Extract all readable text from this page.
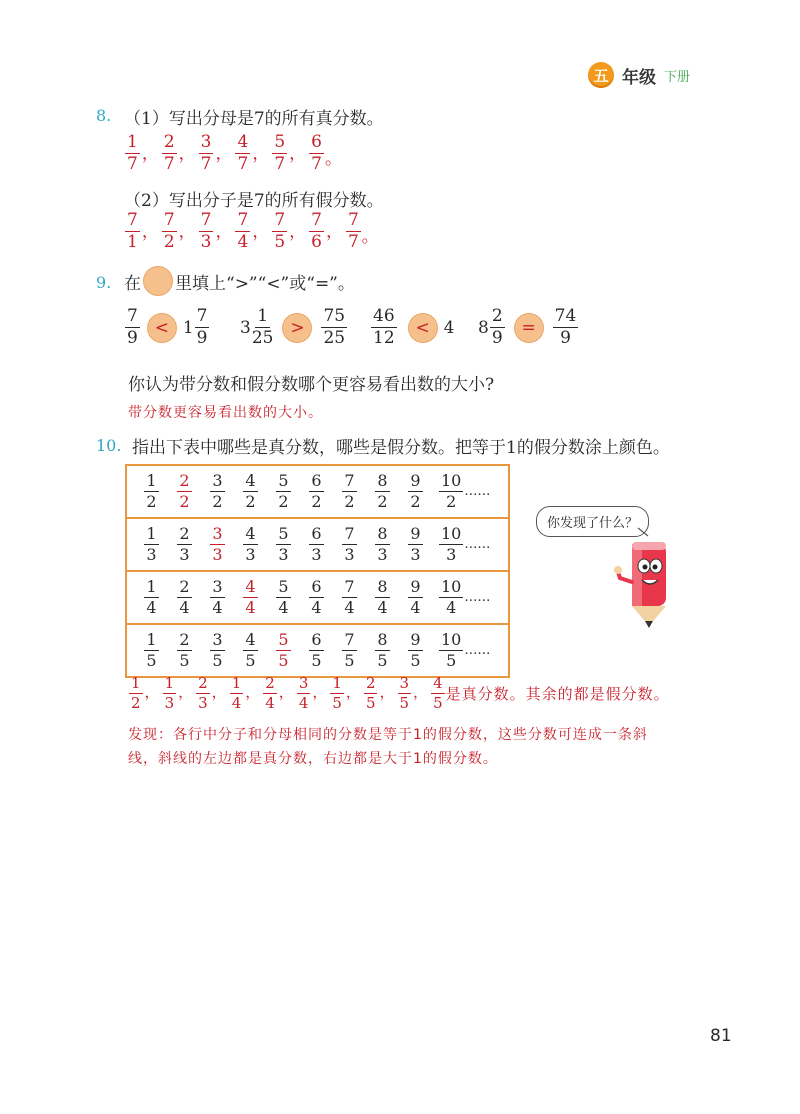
五 年级 下册
8. （1）写出分母是7的所有真分数。
$\frac{1}{7}$ ， $\frac{2}{7}$ ， $\frac{3}{7}$ ， $\frac{4}{7}$ ， $\frac{5}{7}$ ， $\frac{6}{7}$ 。
（2）写出分子是7的所有假分数。
$\frac{7}{1}$ ， $\frac{7}{2}$ ， $\frac{7}{3}$ ， $\frac{7}{4}$ ， $\frac{7}{5}$ ， $\frac{7}{6}$ ， $\frac{7}{7}$ 。
9. 在 里填上“>”“<”或“=”。
$\frac{7}{9} < 1 \frac{7}{9} 3 \frac{1}{25} > \frac{75}{25} \frac{46}{12}$	< 4 $8 \frac{2}{9} = \frac{74}{9}$
你认为带分数和假分数哪个更容易看出数的大小?
带分数更容易看出数的大小。
10. 指出下表中哪些是真分数，哪些是假分数。把等于1的假分数涂上颜色。
$\frac{1}{2} \frac{2}{2} \frac{3}{2} \frac{4}{2} \frac{5}{2} \frac{6}{2} \frac{7}{2} \frac{8}{2} \frac{9}{2} \frac{10}{2}$ ……

$\frac{1}{3} \frac{2}{3} \frac{3}{3} \frac{4}{3} \frac{5}{3} \frac{6}{3} \frac{7}{3} \frac{8}{3} \frac{9}{3} \frac{10}{3}$ ……

$\frac{1}{4} \frac{2}{4} \frac{3}{4} \frac{4}{4} \frac{5}{4} \frac{6}{4} \frac{7}{4} \frac{8}{4} \frac{9}{4} \frac{10}{4}$ ……

$\frac{1}{5} \frac{2}{5} \frac{3}{5} \frac{4}{5} \frac{5}{5} \frac{6}{5} \frac{7}{5} \frac{8}{5} \frac{9}{5} \frac{10}{5}$ ……
你发现了什么？
$\frac{1}{2}$ ， $\frac{1}{3}$ ， $\frac{2}{3}$ ， $\frac{1}{4}$ ， $\frac{2}{4}$ ， $\frac{3}{4}$ ， $\frac{1}{5}$ ， $\frac{2}{5}$ ， $\frac{3}{5}$ ， $\frac{4}{5}$ 是真分数。其余的都是假分数。
发现：各行中分子和分母相同的分数是等于1的假分数，这些分数可连成一条斜
线，斜线的左边都是真分数，右边都是大于1的假分数。
81
